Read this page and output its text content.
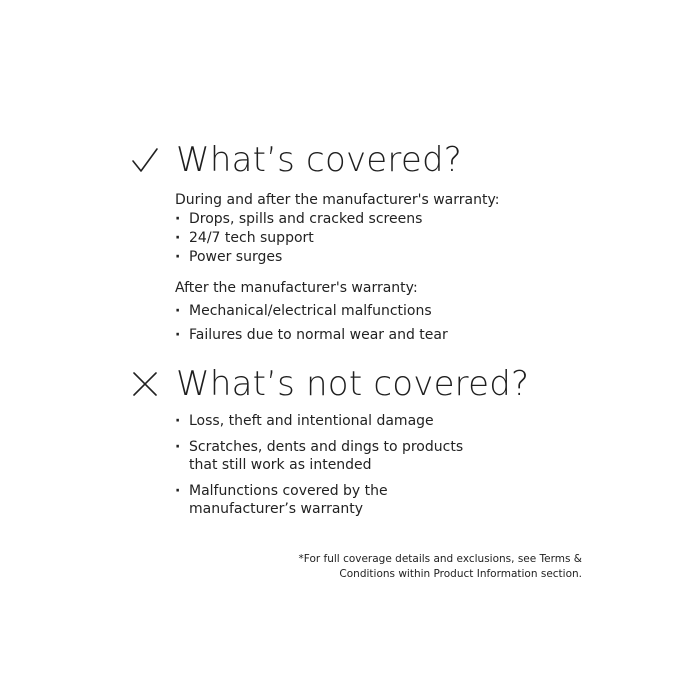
What’s covered?
During and after the manufacturer's warranty:
· Drops, spills and cracked screens
· 24/7 tech support
· Power surges
After the manufacturer's warranty:
· Mechanical/electrical malfunctions
· Failures due to normal wear and tear
What’s not covered?
· Loss, theft and intentional damage
· Scratches, dents and dings to products
that still work as intended
· Malfunctions covered by the
manufacturer’s warranty
*For full coverage details and exclusions, see Terms &
Conditions within Product Information section.
